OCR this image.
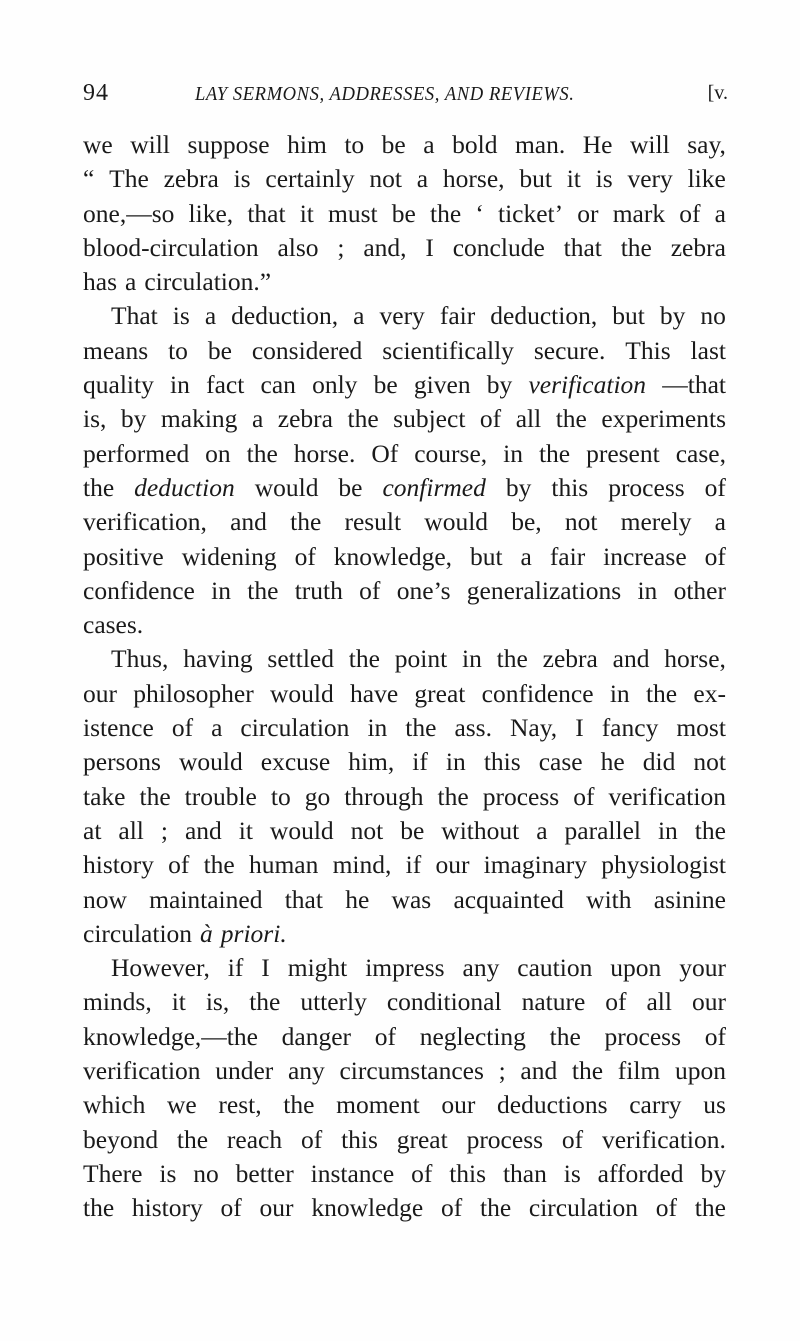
94	LAY SERMONS, ADDRESSES, AND REVIEWS.	[v.
we will suppose him to be a bold man. He will say,
“ The zebra is certainly not a horse, but it is very like
one,—so like, that it must be the ‘ ticket’ or mark of a
blood-circulation also ; and, I conclude that the zebra
has a circulation.”
That is a deduction, a very fair deduction, but by no
means to be considered scientifically secure. This last
quality in fact can only be given by verification —that
is, by making a zebra the subject of all the experiments
performed on the horse. Of course, in the present case,
the deduction would be confirmed by this process of
verification, and the result would be, not merely a
positive widening of knowledge, but a fair increase of
confidence in the truth of one’s generalizations in other
cases.
Thus, having settled the point in the zebra and horse,
our philosopher would have great confidence in the ex-
istence of a circulation in the ass. Nay, I fancy most
persons would excuse him, if in this case he did not
take the trouble to go through the process of verification
at all ; and it would not be without a parallel in the
history of the human mind, if our imaginary physiologist
now maintained that he was acquainted with asinine
circulation à priori.
However, if I might impress any caution upon your
minds, it is, the utterly conditional nature of all our
knowledge,—the danger of neglecting the process of
verification under any circumstances ; and the film upon
which we rest, the moment our deductions carry us
beyond the reach of this great process of verification.
There is no better instance of this than is afforded by
the history of our knowledge of the circulation of the
